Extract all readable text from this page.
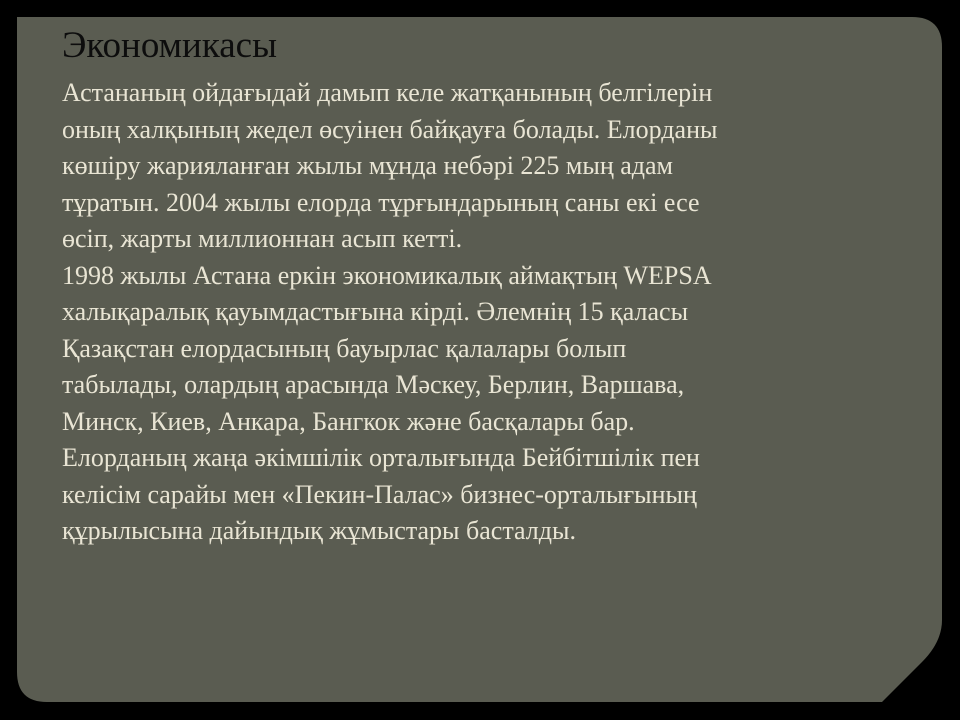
Экономикасы
Астананың ойдағыдай дамып келе жатқанының белгілерін
оның халқының жедел өсуінен байқауға болады. Елорданы
көшіру жарияланған жылы мұнда небәрі 225 мың адам
тұратын. 2004 жылы елорда тұрғындарының саны екі есе
өсіп, жарты миллионнан асып кетті.
1998 жылы Астана еркін экономикалық аймақтың WEPSA
халықаралық қауымдастығына кірді. Әлемнің 15 қаласы
Қазақстан елордасының бауырлас қалалары болып
табылады, олардың арасында Мәскеу, Берлин, Варшава,
Минск, Киев, Анкара, Бангкок және басқалары бар.
Елорданың жаңа әкімшілік орталығында Бейбітшілік пен
келісім сарайы мен «Пекин-Палас» бизнес-орталығының
құрылысына дайындық жұмыстары басталды.
